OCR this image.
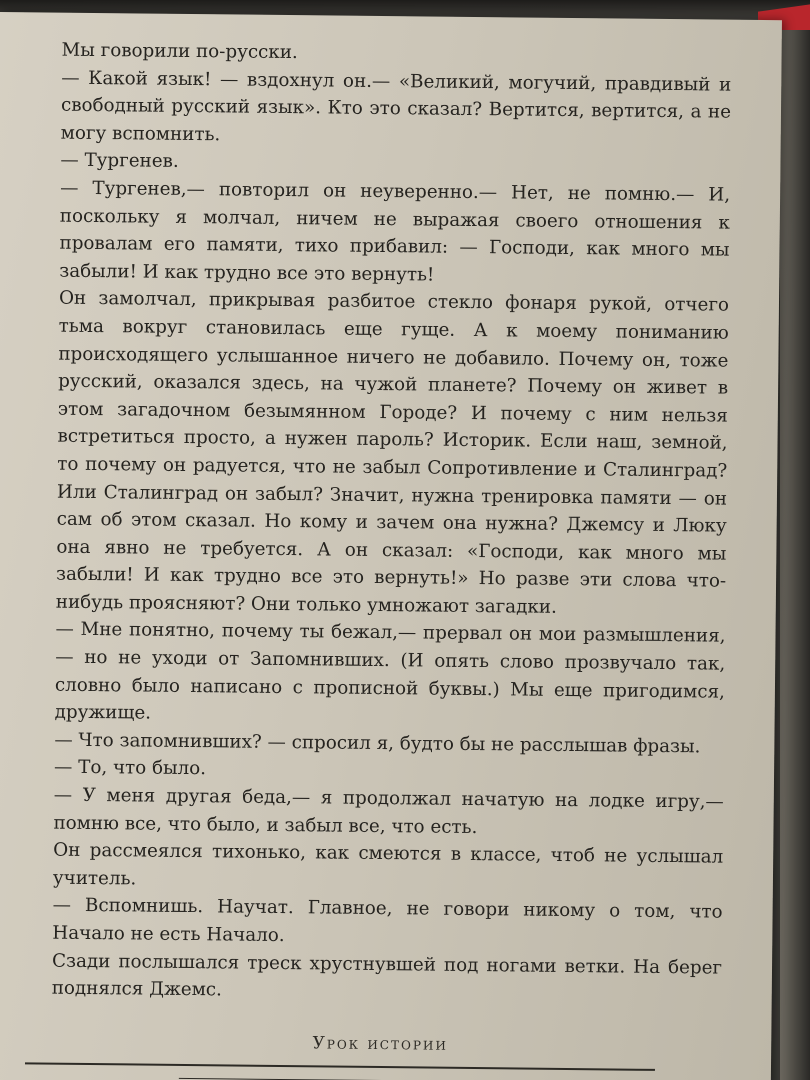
Мы говорили по-русски.

— Какой язык! — вздохнул он.— «Великий, могучий, правдивый и свободный русский язык». Кто это сказал? Вертится, вертится, а не могу вспомнить.

— Тургенев.

— Тургенев,— повторил он неуверенно.— Нет, не помню.— И, поскольку я молчал, ничем не выражая своего отношения к провалам его памяти, тихо прибавил: — Господи, как много мы забыли! И как трудно все это вернуть!

Он замолчал, прикрывая разбитое стекло фонаря рукой, отчего тьма вокруг становилась еще гуще. А к моему пониманию происходящего услышанное ничего не добавило. Почему он, тоже русский, оказался здесь, на чужой планете? Почему он живет в этом загадочном безымянном Городе? И почему с ним нельзя встретиться просто, а нужен пароль? Историк. Если наш, земной, то почему он радуется, что не забыл Сопротивление и Сталинград? Или Сталинград он забыл? Значит, нужна тренировка памяти — он сам об этом сказал. Но кому и зачем она нужна? Джемсу и Люку она явно не требуется. А он сказал: «Господи, как много мы забыли! И как трудно все это вернуть!» Но разве эти слова что-нибудь проясняют? Они только умножают загадки.

— Мне понятно, почему ты бежал,— прервал он мои размышления,— но не уходи от Запомнивших. (И опять слово прозвучало так, словно было написано с прописной буквы.) Мы еще пригодимся, дружище.

— Что запомнивших? — спросил я, будто бы не расслышав фразы.

— То, что было.

— У меня другая беда,— я продолжал начатую на лодке игру,— помню все, что было, и забыл все, что есть.

Он рассмеялся тихонько, как смеются в классе, чтоб не услышал учитель.

— Вспомнишь. Научат. Главное, не говори никому о том, что Начало не есть Начало.

Сзади послышался треск хрустнувшей под ногами ветки. На берег поднялся Джемс.

Урок истории
